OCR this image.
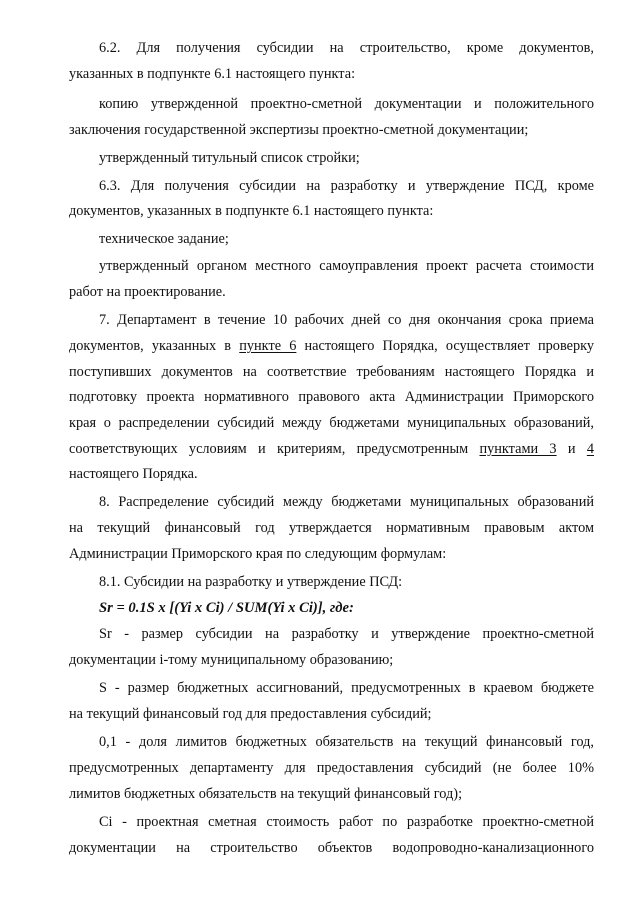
6.2. Для получения субсидии на строительство, кроме документов,
указанных в подпункте 6.1 настоящего пункта:
копию утвержденной проектно-сметной документации и положительного
заключения государственной экспертизы проектно-сметной документации;
утвержденный титульный список стройки;
6.3. Для получения субсидии на разработку и утверждение ПСД, кроме
документов, указанных в подпункте 6.1 настоящего пункта:
техническое задание;
утвержденный органом местного самоуправления проект расчета стоимости
работ на проектирование.
7. Департамент в течение 10 рабочих дней со дня окончания срока приема
документов, указанных в пункте 6 настоящего Порядка, осуществляет проверку
поступивших документов на соответствие требованиям настоящего Порядка и
подготовку проекта нормативного правового акта Администрации Приморского
края о распределении субсидий между бюджетами муниципальных образований,
соответствующих условиям и критериям, предусмотренным пунктами 3 и 4
настоящего Порядка.
8. Распределение субсидий между бюджетами муниципальных образований
на текущий финансовый год утверждается нормативным правовым актом
Администрации Приморского края по следующим формулам:
8.1. Субсидии на разработку и утверждение ПСД:
Sr = 0.1S x [(Yi x Ci) / SUM(Yi x Ci)], где:
Sr - размер субсидии на разработку и утверждение проектно-сметной
документации i-тому муниципальному образованию;
S - размер бюджетных ассигнований, предусмотренных в краевом бюджете
на текущий финансовый год для предоставления субсидий;
0,1 - доля лимитов бюджетных обязательств на текущий финансовый год,
предусмотренных департаменту для предоставления субсидий (не более 10%
лимитов бюджетных обязательств на текущий финансовый год);
Ci - проектная сметная стоимость работ по разработке проектно-сметной
документации на строительство объектов водопроводно-канализационного
